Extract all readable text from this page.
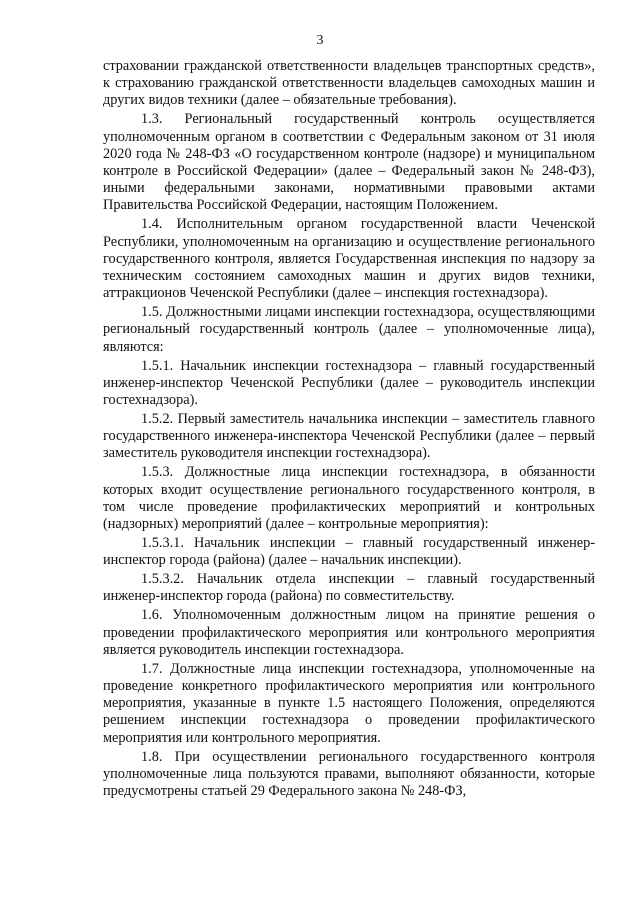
3

страховании гражданской ответственности владельцев транспортных средств», к страхованию гражданской ответственности владельцев самоходных машин и других видов техники (далее – обязательные требования).

1.3. Региональный государственный контроль осуществляется уполномоченным органом в соответствии с Федеральным законом от 31 июля 2020 года № 248-ФЗ «О государственном контроле (надзоре) и муниципальном контроле в Российской Федерации» (далее – Федеральный закон № 248-ФЗ), иными федеральными законами, нормативными правовыми актами Правительства Российской Федерации, настоящим Положением.

1.4. Исполнительным органом государственной власти Чеченской Республики, уполномоченным на организацию и осуществление регионального государственного контроля, является Государственная инспекция по надзору за техническим состоянием самоходных машин и других видов техники, аттракционов Чеченской Республики (далее – инспекция гостехнадзора).

1.5. Должностными лицами инспекции гостехнадзора, осуществляющими региональный государственный контроль (далее – уполномоченные лица), являются:

1.5.1. Начальник инспекции гостехнадзора – главный государственный инженер-инспектор Чеченской Республики (далее – руководитель инспекции гостехнадзора).

1.5.2. Первый заместитель начальника инспекции – заместитель главного государственного инженера-инспектора Чеченской Республики (далее – первый заместитель руководителя инспекции гостехнадзора).

1.5.3. Должностные лица инспекции гостехнадзора, в обязанности которых входит осуществление регионального государственного контроля, в том числе проведение профилактических мероприятий и контрольных (надзорных) мероприятий (далее – контрольные мероприятия):

1.5.3.1. Начальник инспекции – главный государственный инженер-инспектор города (района) (далее – начальник инспекции).

1.5.3.2. Начальник отдела инспекции – главный государственный инженер-инспектор города (района) по совместительству.

1.6. Уполномоченным должностным лицом на принятие решения о проведении профилактического мероприятия или контрольного мероприятия является руководитель инспекции гостехнадзора.

1.7. Должностные лица инспекции гостехнадзора, уполномоченные на проведение конкретного профилактического мероприятия или контрольного мероприятия, указанные в пункте 1.5 настоящего Положения, определяются решением инспекции гостехнадзора о проведении профилактического мероприятия или контрольного мероприятия.

1.8. При осуществлении регионального государственного контроля уполномоченные лица пользуются правами, выполняют обязанности, которые предусмотрены статьей 29 Федерального закона № 248-ФЗ,
